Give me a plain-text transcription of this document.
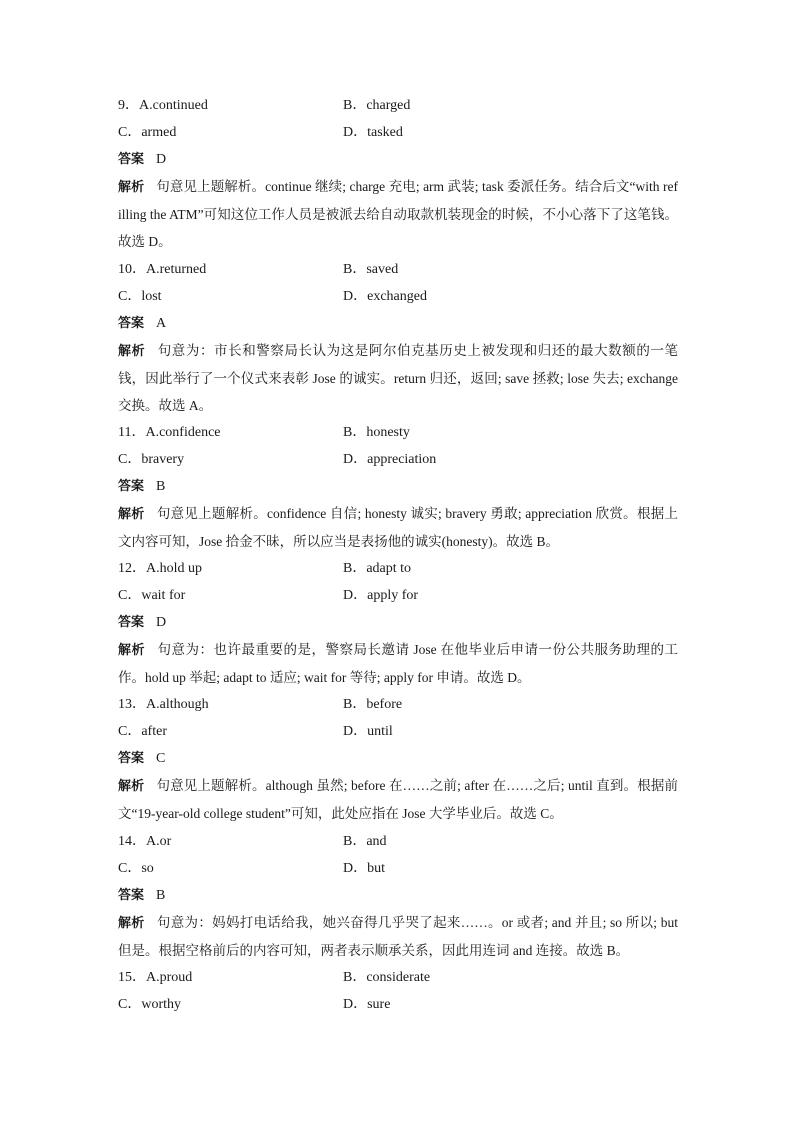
9．A.continued	B．charged
C．armed	D．tasked
答案 D
解析 句意见上题解析。continue 继续; charge 充电; arm 武装; task 委派任务。结合后文“with refilling the ATM”可知这位工作人员是被派去给自动取款机装现金的时候，不小心落下了这笔钱。故选 D。
10．A.returned	B．saved
C．lost	D．exchanged
答案 A
解析 句意为：市长和警察局长认为这是阿尔伯克基历史上被发现和归还的最大数额的一笔钱，因此举行了一个仪式来表彰 Jose 的诚实。return 归还，返回; save 拯救; lose 失去; exchange 交换。故选 A。
11．A.confidence	B．honesty
C．bravery	D．appreciation
答案 B
解析 句意见上题解析。confidence 自信; honesty 诚实; bravery 勇敢; appreciation 欣赏。根据上文内容可知，Jose 拾金不昧，所以应当是表扬他的诚实(honesty)。故选 B。
12．A.hold up	B．adapt to
C．wait for	D．apply for
答案 D
解析 句意为：也许最重要的是，警察局长邀请 Jose 在他毕业后申请一份公共服务助理的工作。hold up 举起; adapt to 适应; wait for 等待; apply for 申请。故选 D。
13．A.although	B．before
C．after	D．until
答案 C
解析 句意见上题解析。although 虽然; before 在……之前; after 在……之后; until 直到。根据前文“19-year-old college student”可知，此处应指在 Jose 大学毕业后。故选 C。
14．A.or	B．and
C．so	D．but
答案 B
解析 句意为：妈妈打电话给我，她兴奋得几乎哭了起来……。or 或者; and 并且; so 所以; but 但是。根据空格前后的内容可知，两者表示顺承关系，因此用连词 and 连接。故选 B。
15．A.proud	B．considerate
C．worthy	D．sure
